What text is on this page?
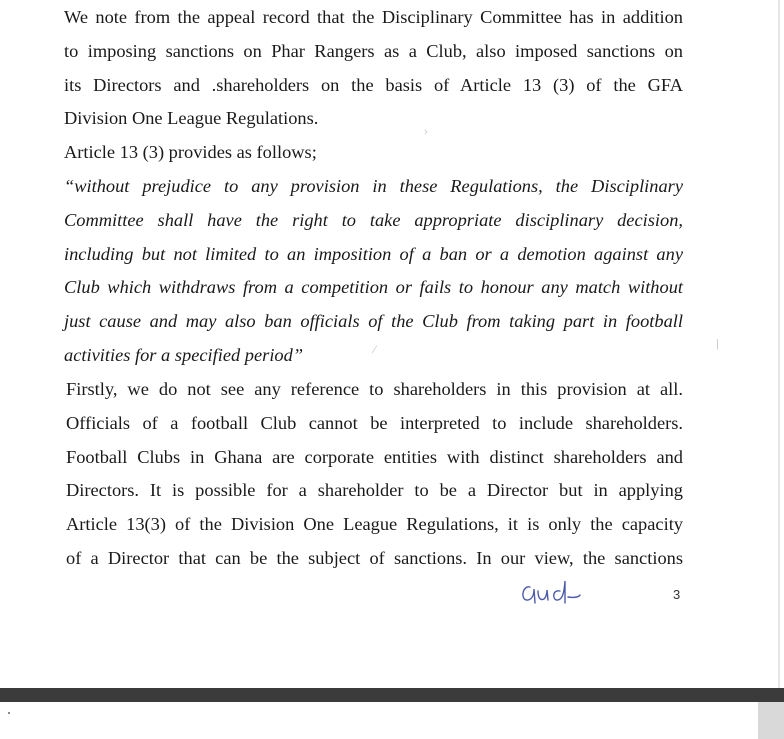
We note from the appeal record that the Disciplinary Committee has in addition
to imposing sanctions on Phar Rangers as a Club, also imposed sanctions on
its Directors and .shareholders on the basis of Article 13 (3) of the GFA
Division One League Regulations.
Article 13 (3) provides as follows;
“without prejudice to any provision in these Regulations, the Disciplinary
Committee shall have the right to take appropriate disciplinary decision,
including but not limited to an imposition of a ban or a demotion against any
Club which withdraws from a competition or fails to honour any match without
just cause and may also ban officials of the Club from taking part in football
activities for a specified period”
Firstly, we do not see any reference to shareholders in this provision at all.
Officials of a football Club cannot be interpreted to include shareholders.
Football Clubs in Ghana are corporate entities with distinct shareholders and
Directors. It is possible for a shareholder to be a Director but in applying
Article 13(3) of the Division One League Regulations, it is only the capacity
of a Director that can be the subject of sanctions. In our view, the sanctions
3
›
⁄	|
